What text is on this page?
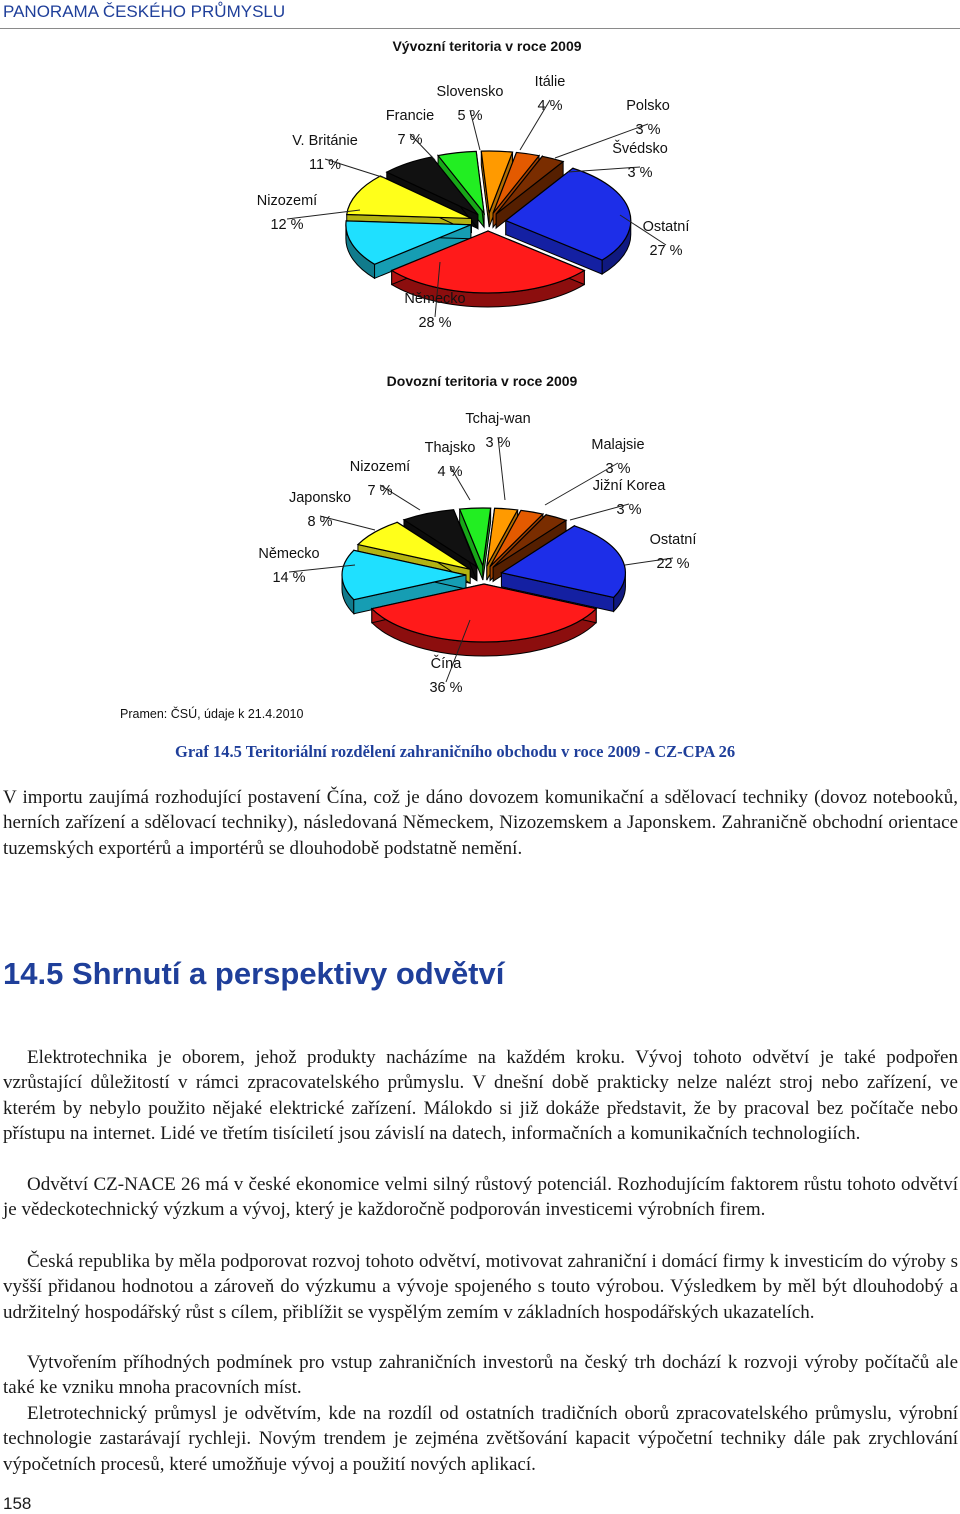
PANORAMA ČESKÉHO PRŮMYSLU
Vývozní teritoria v roce 2009
Německo
28 %
Nizozemí
12 %
V. Británie
11 %
Francie
7 %
Slovensko
5 %
Itálie
4 %	Polsko
3 %
Švédsko
3 %
Ostatní
27 %
Dovozní teritoria v roce 2009
Čína
36 %
Německo
14 %
Japonsko
8 %
Nizozemí
7 %
Thajsko
4 %
Tchaj-wan
3 %	Malajsie
3 %
Jižní Korea
3 %
Ostatní
22 %
Pramen: ČSÚ, údaje k 21.4.2010
Graf 14.5 Teritoriální rozdělení zahraničního obchodu v roce 2009 - CZ-CPA 26

V importu zaujímá rozhodující postavení Čína, což je dáno dovozem komunikační a sdělovací techniky (dovoz notebooků, herních zařízení a sdělovací techniky), následovaná Německem, Nizozemskem a Japonskem. Zahraničně obchodní orientace tuzemských exportérů a importérů se dlouhodobě podstatně nemění.

14.5 Shrnutí a perspektivy odvětví

Elektrotechnika je oborem, jehož produkty nacházíme na každém kroku. Vývoj tohoto odvětví je také podpořen vzrůstající důležitostí v rámci zpracovatelského průmyslu. V dnešní době prakticky nelze nalézt stroj nebo zařízení, ve kterém by nebylo použito nějaké elektrické zařízení. Málokdo si již dokáže představit, že by pracoval bez počítače nebo přístupu na internet. Lidé ve třetím tisíciletí jsou závislí na datech, informačních a komunikačních technologiích.

Odvětví CZ-NACE 26 má v české ekonomice velmi silný růstový potenciál. Rozhodujícím faktorem růstu tohoto odvětví je vědeckotechnický výzkum a vývoj, který je každoročně podporován investicemi výrobních firem.

Česká republika by měla podporovat rozvoj tohoto odvětví, motivovat zahraniční i domácí firmy k investicím do výroby s vyšší přidanou hodnotou a zároveň do výzkumu a vývoje spojeného s touto výrobou. Výsledkem by měl být dlouhodobý a udržitelný hospodářský růst s cílem, přiblížit se vyspělým zemím v základních hospodářských ukazatelích.

Vytvořením příhodných podmínek pro vstup zahraničních investorů na český trh dochází k rozvoji výroby počítačů ale také ke vzniku mnoha pracovních míst.

Eletrotechnický průmysl je odvětvím, kde na rozdíl od ostatních tradičních oborů zpracovatelského průmyslu, výrobní technologie zastarávají rychleji. Novým trendem je zejména zvětšování kapacit výpočetní techniky dále pak zrychlování výpočetních procesů, které umožňuje vývoj a použití nových aplikací.

158
